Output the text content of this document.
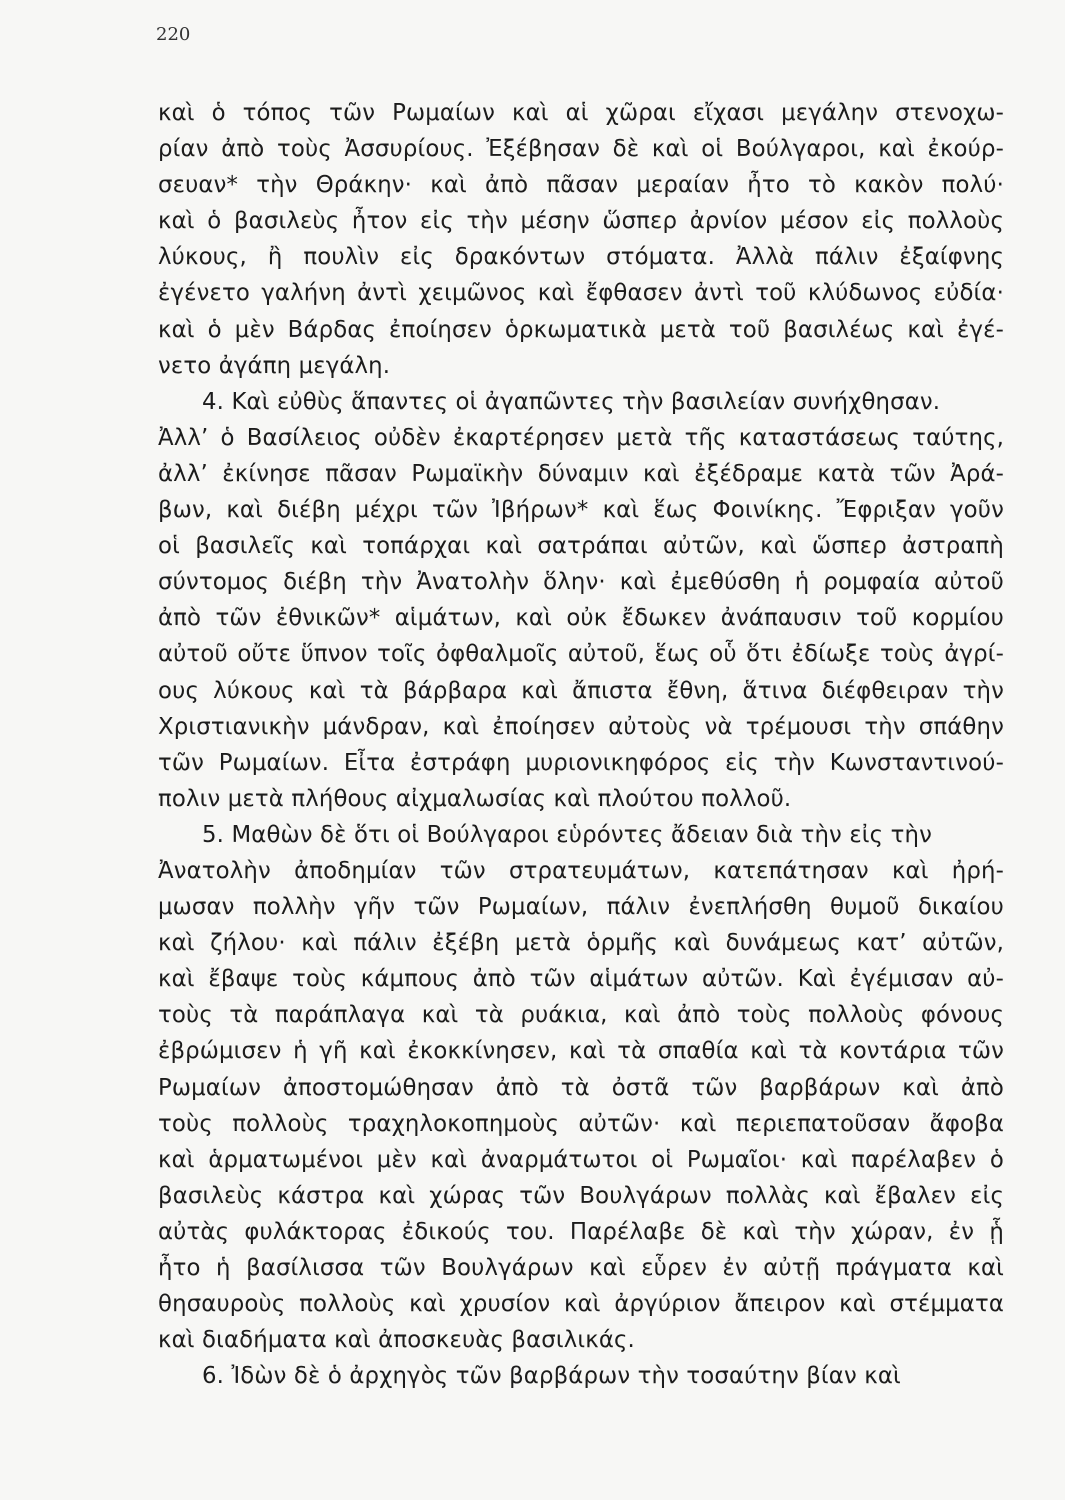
220
καὶ ὁ τόπος τῶν Ρωμαίων καὶ αἱ χῶραι εἴχασι μεγάλην στενοχω-
ρίαν ἀπὸ τοὺς Ἀσσυρίους. Ἐξέβησαν δὲ καὶ οἱ Βούλγαροι, καὶ ἐκούρ-
σευαν* τὴν Θράκην· καὶ ἀπὸ πᾶσαν μεραίαν ἦτο τὸ κακὸν πολύ·
καὶ ὁ βασιλεὺς ἦτον εἰς τὴν μέσην ὥσπερ ἀρνίον μέσον εἰς πολλοὺς
λύκους, ἢ πουλὶν εἰς δρακόντων στόματα. Ἀλλὰ πάλιν ἐξαίφνης
ἐγένετο γαλήνη ἀντὶ χειμῶνος καὶ ἔφθασεν ἀντὶ τοῦ κλύδωνος εὐδία·
καὶ ὁ μὲν Βάρδας ἐποίησεν ὁρκωματικὰ μετὰ τοῦ βασιλέως καὶ ἐγέ-
νετο ἀγάπη μεγάλη.
4. Καὶ εὐθὺς ἅπαντες οἱ ἀγαπῶντες τὴν βασιλείαν συνήχθησαν.
Ἀλλ’ ὁ Βασίλειος οὐδὲν ἐκαρτέρησεν μετὰ τῆς καταστάσεως ταύτης,
ἀλλ’ ἐκίνησε πᾶσαν Ρωμαϊκὴν δύναμιν καὶ ἐξέδραμε κατὰ τῶν Ἀρά-
βων, καὶ διέβη μέχρι τῶν Ἰβήρων* καὶ ἕως Φοινίκης. Ἔφριξαν γοῦν
οἱ βασιλεῖς καὶ τοπάρχαι καὶ σατράπαι αὐτῶν, καὶ ὥσπερ ἀστραπὴ
σύντομος διέβη τὴν Ἀνατολὴν ὅλην· καὶ ἐμεθύσθη ἡ ρομφαία αὐτοῦ
ἀπὸ τῶν ἐθνικῶν* αἱμάτων, καὶ οὐκ ἔδωκεν ἀνάπαυσιν τοῦ κορμίου
αὐτοῦ οὔτε ὕπνον τοῖς ὀφθαλμοῖς αὐτοῦ, ἕως οὗ ὅτι ἐδίωξε τοὺς ἀγρί-
ους λύκους καὶ τὰ βάρβαρα καὶ ἄπιστα ἔθνη, ἅτινα διέφθειραν τὴν
Χριστιανικὴν μάνδραν, καὶ ἐποίησεν αὐτοὺς νὰ τρέμουσι τὴν σπάθην
τῶν Ρωμαίων. Εἶτα ἐστράφη μυριονικηφόρος εἰς τὴν Κωνσταντινού-
πολιν μετὰ πλήθους αἰχμαλωσίας καὶ πλούτου πολλοῦ.
5. Μαθὼν δὲ ὅτι οἱ Βούλγαροι εὑρόντες ἄδειαν διὰ τὴν εἰς τὴν
Ἀνατολὴν ἀποδημίαν τῶν στρατευμάτων, κατεπάτησαν καὶ ἠρή-
μωσαν πολλὴν γῆν τῶν Ρωμαίων, πάλιν ἐνεπλήσθη θυμοῦ δικαίου
καὶ ζήλου· καὶ πάλιν ἐξέβη μετὰ ὁρμῆς καὶ δυνάμεως κατ’ αὐτῶν,
καὶ ἔβαψε τοὺς κάμπους ἀπὸ τῶν αἱμάτων αὐτῶν. Καὶ ἐγέμισαν αὐ-
τοὺς τὰ παράπλαγα καὶ τὰ ρυάκια, καὶ ἀπὸ τοὺς πολλοὺς φόνους
ἐβρώμισεν ἡ γῆ καὶ ἐκοκκίνησεν, καὶ τὰ σπαθία καὶ τὰ κοντάρια τῶν
Ρωμαίων ἀποστομώθησαν ἀπὸ τὰ ὀστᾶ τῶν βαρβάρων καὶ ἀπὸ
τοὺς πολλοὺς τραχηλοκοπημοὺς αὐτῶν· καὶ περιεπατοῦσαν ἄφοβα
καὶ ἁρματωμένοι μὲν καὶ ἀναρμάτωτοι οἱ Ρωμαῖοι· καὶ παρέλαβεν ὁ
βασιλεὺς κάστρα καὶ χώρας τῶν Βουλγάρων πολλὰς καὶ ἔβαλεν εἰς
αὐτὰς φυλάκτορας ἐδικούς του. Παρέλαβε δὲ καὶ τὴν χώραν, ἐν ᾗ
ἦτο ἡ βασίλισσα τῶν Βουλγάρων καὶ εὗρεν ἐν αὐτῇ πράγματα καὶ
θησαυροὺς πολλοὺς καὶ χρυσίον καὶ ἀργύριον ἄπειρον καὶ στέμματα
καὶ διαδήματα καὶ ἀποσκευὰς βασιλικάς.
6. Ἰδὼν δὲ ὁ ἀρχηγὸς τῶν βαρβάρων τὴν τοσαύτην βίαν καὶ
